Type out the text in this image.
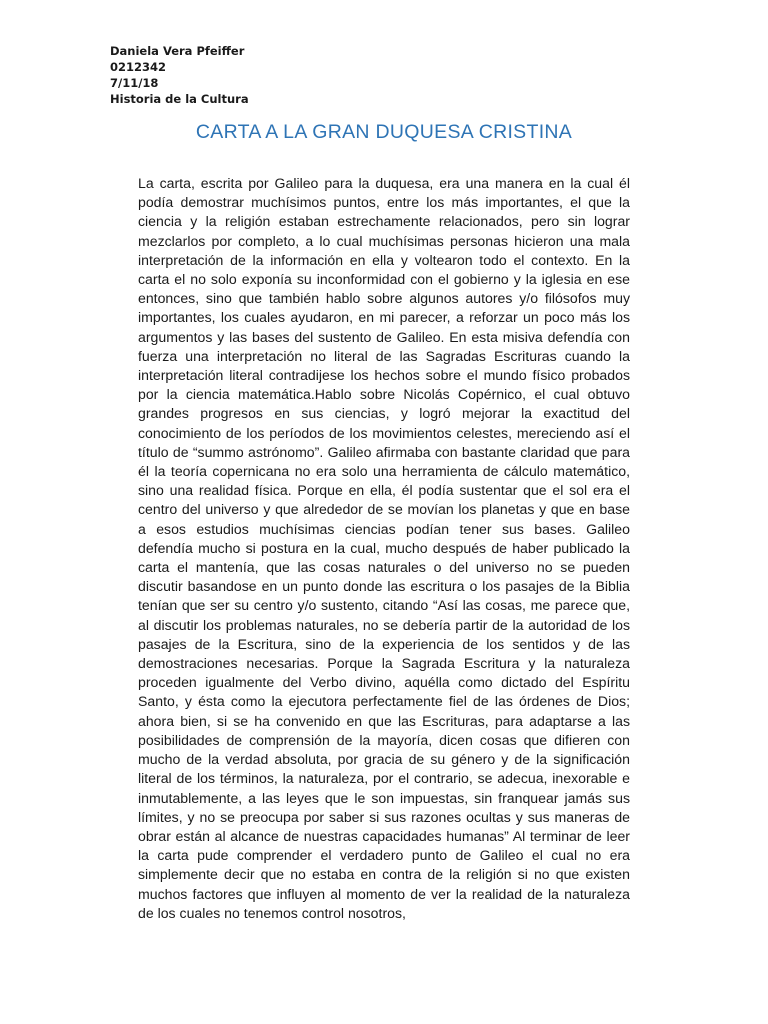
Daniela Vera Pfeiffer
0212342
7/11/18
Historia de la Cultura
CARTA A LA GRAN DUQUESA CRISTINA

La carta, escrita por Galileo para la duquesa, era una manera en la cual él podía demostrar muchísimos puntos, entre los más importantes, el que la ciencia y la religión estaban estrechamente relacionados, pero sin lograr mezclarlos por completo, a lo cual muchísimas personas hicieron una mala interpretación de la información en ella y voltearon todo el contexto. En la carta el no solo exponía su inconformidad con el gobierno y la iglesia en ese entonces, sino que también hablo sobre algunos autores y/o filósofos muy importantes, los cuales ayudaron, en mi parecer, a reforzar un poco más los argumentos y las bases del sustento de Galileo. En esta misiva defendía con fuerza una interpretación no literal de las Sagradas Escrituras cuando la interpretación literal contradijese los hechos sobre el mundo físico probados por la ciencia matemática.Hablo sobre Nicolás Copérnico, el cual obtuvo grandes progresos en sus ciencias, y logró mejorar la exactitud del conocimiento de los períodos de los movimientos celestes, mereciendo así el título de “summo astrónomo”. Galileo afirmaba con bastante claridad que para él la teoría copernicana no era solo una herramienta de cálculo matemático, sino una realidad física. Porque en ella, él podía sustentar que el sol era el centro del universo y que alrededor de se movían los planetas y que en base a esos estudios muchísimas ciencias podían tener sus bases. Galileo defendía mucho si postura en la cual, mucho después de haber publicado la carta el mantenía, que las cosas naturales o del universo no se pueden discutir basandose en un punto donde las escritura o los pasajes de la Biblia tenían que ser su centro y/o sustento, citando “Así las cosas, me parece que, al discutir los problemas naturales, no se debería partir de la autoridad de los pasajes de la Escritura, sino de la experiencia de los sentidos y de las demostraciones necesarias. Porque la Sagrada Escritura y la naturaleza proceden igualmente del Verbo divino, aquélla como dictado del Espíritu Santo, y ésta como la ejecutora perfectamente fiel de las órdenes de Dios; ahora bien, si se ha convenido en que las Escrituras, para adaptarse a las posibilidades de comprensión de la mayoría, dicen cosas que difieren con mucho de la verdad absoluta, por gracia de su género y de la significación literal de los términos, la naturaleza, por el contrario, se adecua, inexorable e inmutablemente, a las leyes que le son impuestas, sin franquear jamás sus límites, y no se preocupa por saber si sus razones ocultas y sus maneras de obrar están al alcance de nuestras capacidades humanas” Al terminar de leer la carta pude comprender el verdadero punto de Galileo el cual no era simplemente decir que no estaba en contra de la religión si no que existen muchos factores que influyen al momento de ver la realidad de la naturaleza de los cuales no tenemos control nosotros,
